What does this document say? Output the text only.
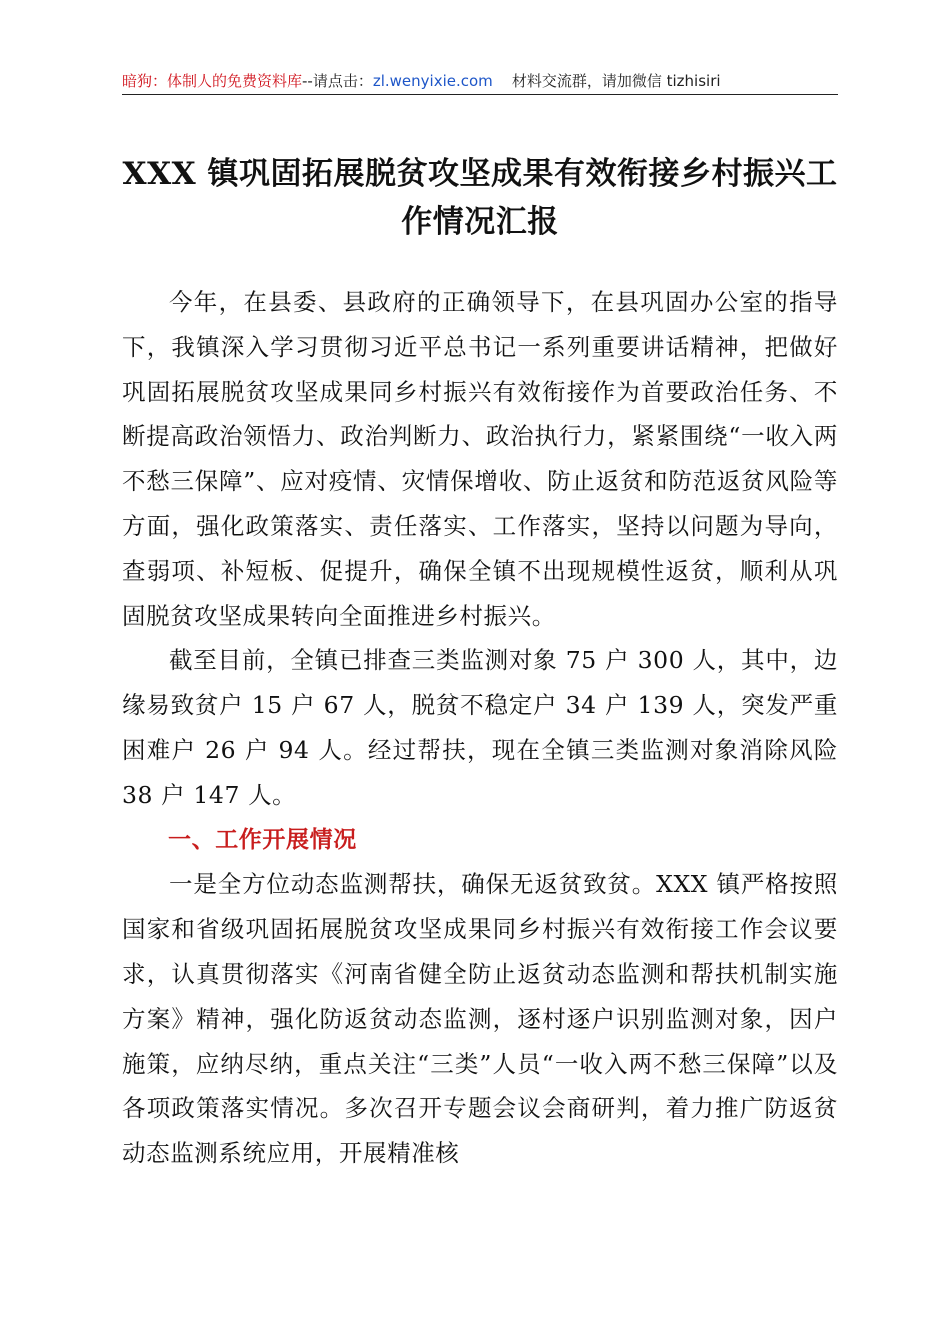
暗狗：体制人的免费资料库--请点击：zl.wenyixie.com 材料交流群，请加微信 tizhisiri
XXX 镇巩固拓展脱贫攻坚成果有效衔接乡村振兴工作情况汇报

今年，在县委、县政府的正确领导下，在县巩固办公室的指导下，我镇深入学习贯彻习近平总书记一系列重要讲话精神，把做好巩固拓展脱贫攻坚成果同乡村振兴有效衔接作为首要政治任务、不断提高政治领悟力、政治判断力、政治执行力，紧紧围绕“一收入两不愁三保障”、应对疫情、灾情保增收、防止返贫和防范返贫风险等方面，强化政策落实、责任落实、工作落实，坚持以问题为导向，查弱项、补短板、促提升，确保全镇不出现规模性返贫，顺利从巩固脱贫攻坚成果转向全面推进乡村振兴。

截至目前，全镇已排查三类监测对象 75 户 300 人，其中，边缘易致贫户 15 户 67 人，脱贫不稳定户 34 户 139 人，突发严重困难户 26 户 94 人。经过帮扶，现在全镇三类监测对象消除风险 38 户 147 人。

一、工作开展情况

一是全方位动态监测帮扶，确保无返贫致贫。XXX 镇严格按照国家和省级巩固拓展脱贫攻坚成果同乡村振兴有效衔接工作会议要求，认真贯彻落实《河南省健全防止返贫动态监测和帮扶机制实施方案》精神，强化防返贫动态监测，逐村逐户识别监测对象，因户施策，应纳尽纳，重点关注“三类”人员“一收入两不愁三保障”以及各项政策落实情况。多次召开专题会议会商研判，着力推广防返贫动态监测系统应用，开展精准核
